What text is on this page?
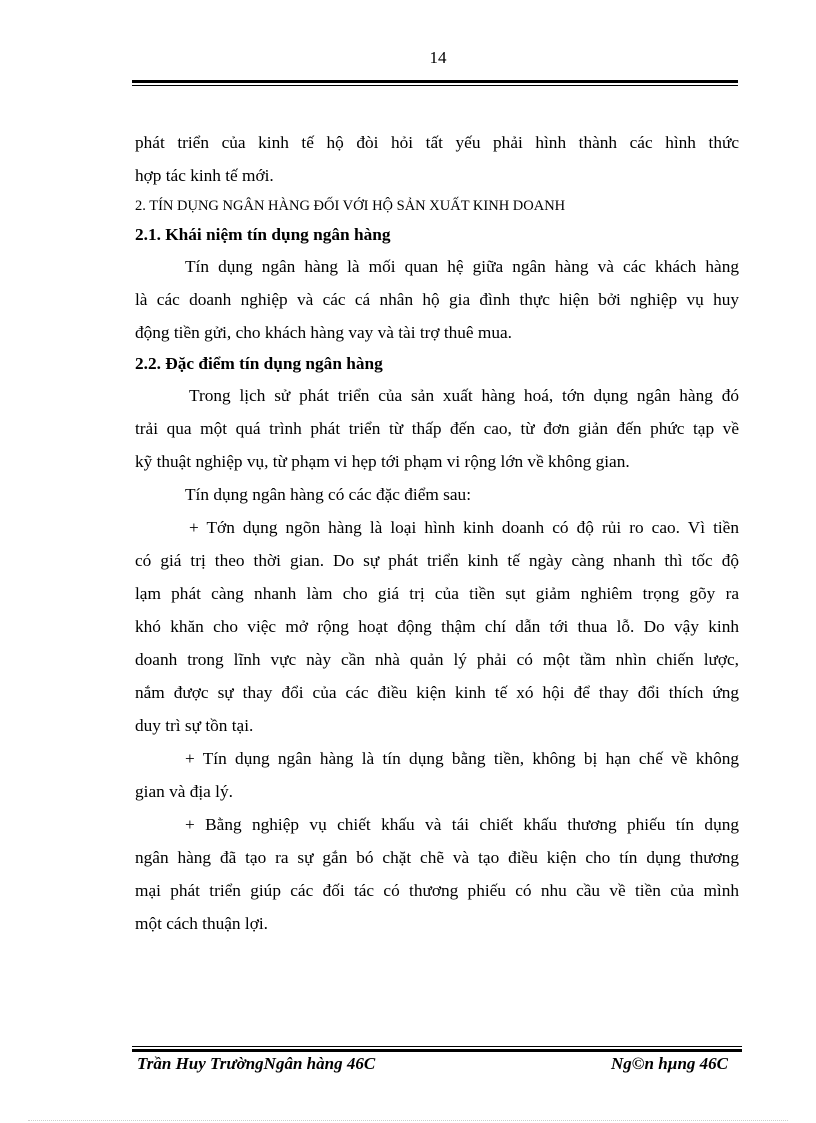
14
phát triển của kinh tế hộ đòi hỏi tất yếu phải hình thành các hình thức
hợp tác kinh tế mới.
2. TÍN DỤNG NGÂN HÀNG ĐỐI VỚI HỘ SẢN XUẤT KINH DOANH
2.1. Khái niệm tín dụng ngân hàng
Tín dụng ngân hàng là mối quan hệ giữa ngân hàng và các khách hàng
là các doanh nghiệp và các cá nhân hộ gia đình thực hiện bởi nghiệp vụ huy
động tiền gửi, cho khách hàng vay và tài trợ thuê mua.
2.2. Đặc điểm tín dụng ngân hàng
Trong lịch sử phát triển của sản xuất hàng hoá, tớn dụng ngân hàng đó
trải qua một quá trình phát triển từ thấp đến cao, từ đơn giản đến phức tạp về
kỹ thuật nghiệp vụ, từ phạm vi hẹp tới phạm vi rộng lớn về không gian.
Tín dụng ngân hàng có các đặc điểm sau:
+ Tớn dụng ngõn hàng là loại hình kinh doanh có độ rủi ro cao. Vì tiền
có giá trị theo thời gian. Do sự phát triển kinh tế ngày càng nhanh thì tốc độ
lạm phát càng nhanh làm cho giá trị của tiền sụt giảm nghiêm trọng gõy ra
khó khăn cho việc mở rộng hoạt động thậm chí dẫn tới thua lỗ. Do vậy kinh
doanh trong lĩnh vực này cần nhà quản lý phải có một tầm nhìn chiến lược,
nắm được sự thay đổi của các điều kiện kinh tế xó hội để thay đổi thích ứng
duy trì sự tồn tại.
+ Tín dụng ngân hàng là tín dụng bằng tiền, không bị hạn chế về không
gian và địa lý.
+ Bằng nghiệp vụ chiết khấu và tái chiết khấu thương phiếu tín dụng
ngân hàng đã tạo ra sự gắn bó chặt chẽ và tạo điều kiện cho tín dụng thương
mại phát triển giúp các đối tác có thương phiếu có nhu cầu về tiền của mình
một cách thuận lợi.
Trần Huy TrườngNgân hàng 46C	Ng©n hµng 46C
